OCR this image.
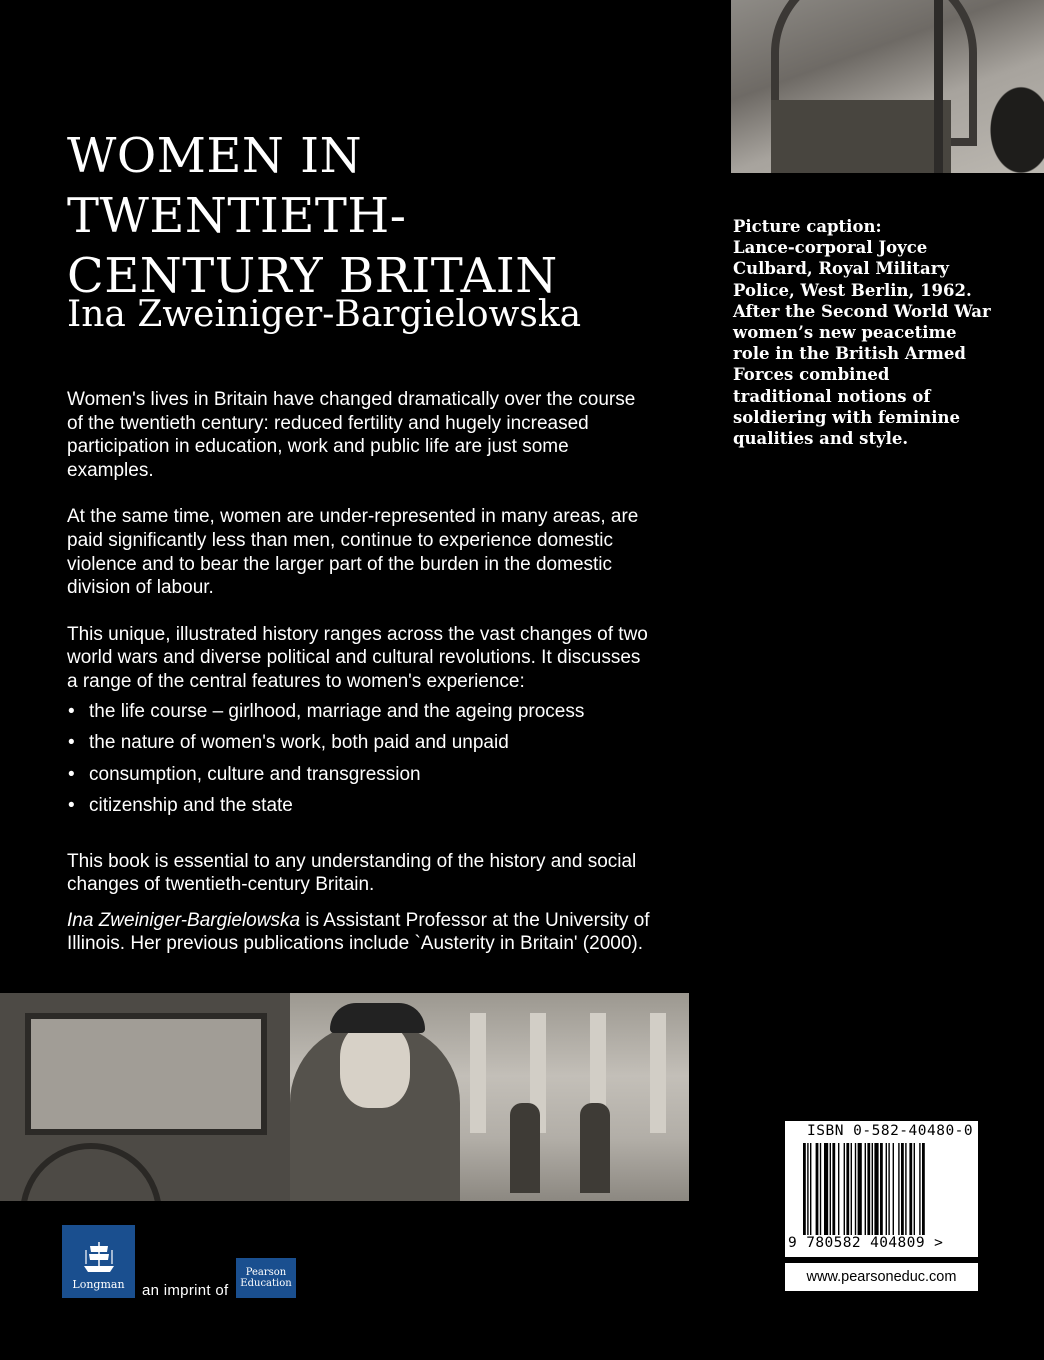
WOMEN IN TWENTIETH-
CENTURY BRITAIN
Ina Zweiniger-Bargielowska
Picture caption:
Lance-corporal Joyce
Culbard, Royal Military
Police, West Berlin, 1962.
After the Second World War
women’s new peacetime
role in the British Armed
Forces combined
traditional notions of
soldiering with feminine
qualities and style.

Women's lives in Britain have changed dramatically over the course
of the twentieth century: reduced fertility and hugely increased
participation in education, work and public life are just some
examples.

At the same time, women are under-represented in many areas, are
paid significantly less than men, continue to experience domestic
violence and to bear the larger part of the burden in the domestic
division of labour.

This unique, illustrated history ranges across the vast changes of two
world wars and diverse political and cultural revolutions. It discusses
a range of the central features to women's experience:

• the life course – girlhood, marriage and the ageing process
• the nature of women's work, both paid and unpaid
• consumption, culture and transgression
• citizenship and the state

This book is essential to any understanding of the history and social
changes of twentieth-century Britain.

Ina Zweiniger-Bargielowska is Assistant Professor at the University of
Illinois. Her previous publications include `Austerity in Britain' (2000).

Longman an imprint of
Pearson
Education
ISBN 0-582-40480-0
9 780582 404809 >
www.pearsoneduc.com
